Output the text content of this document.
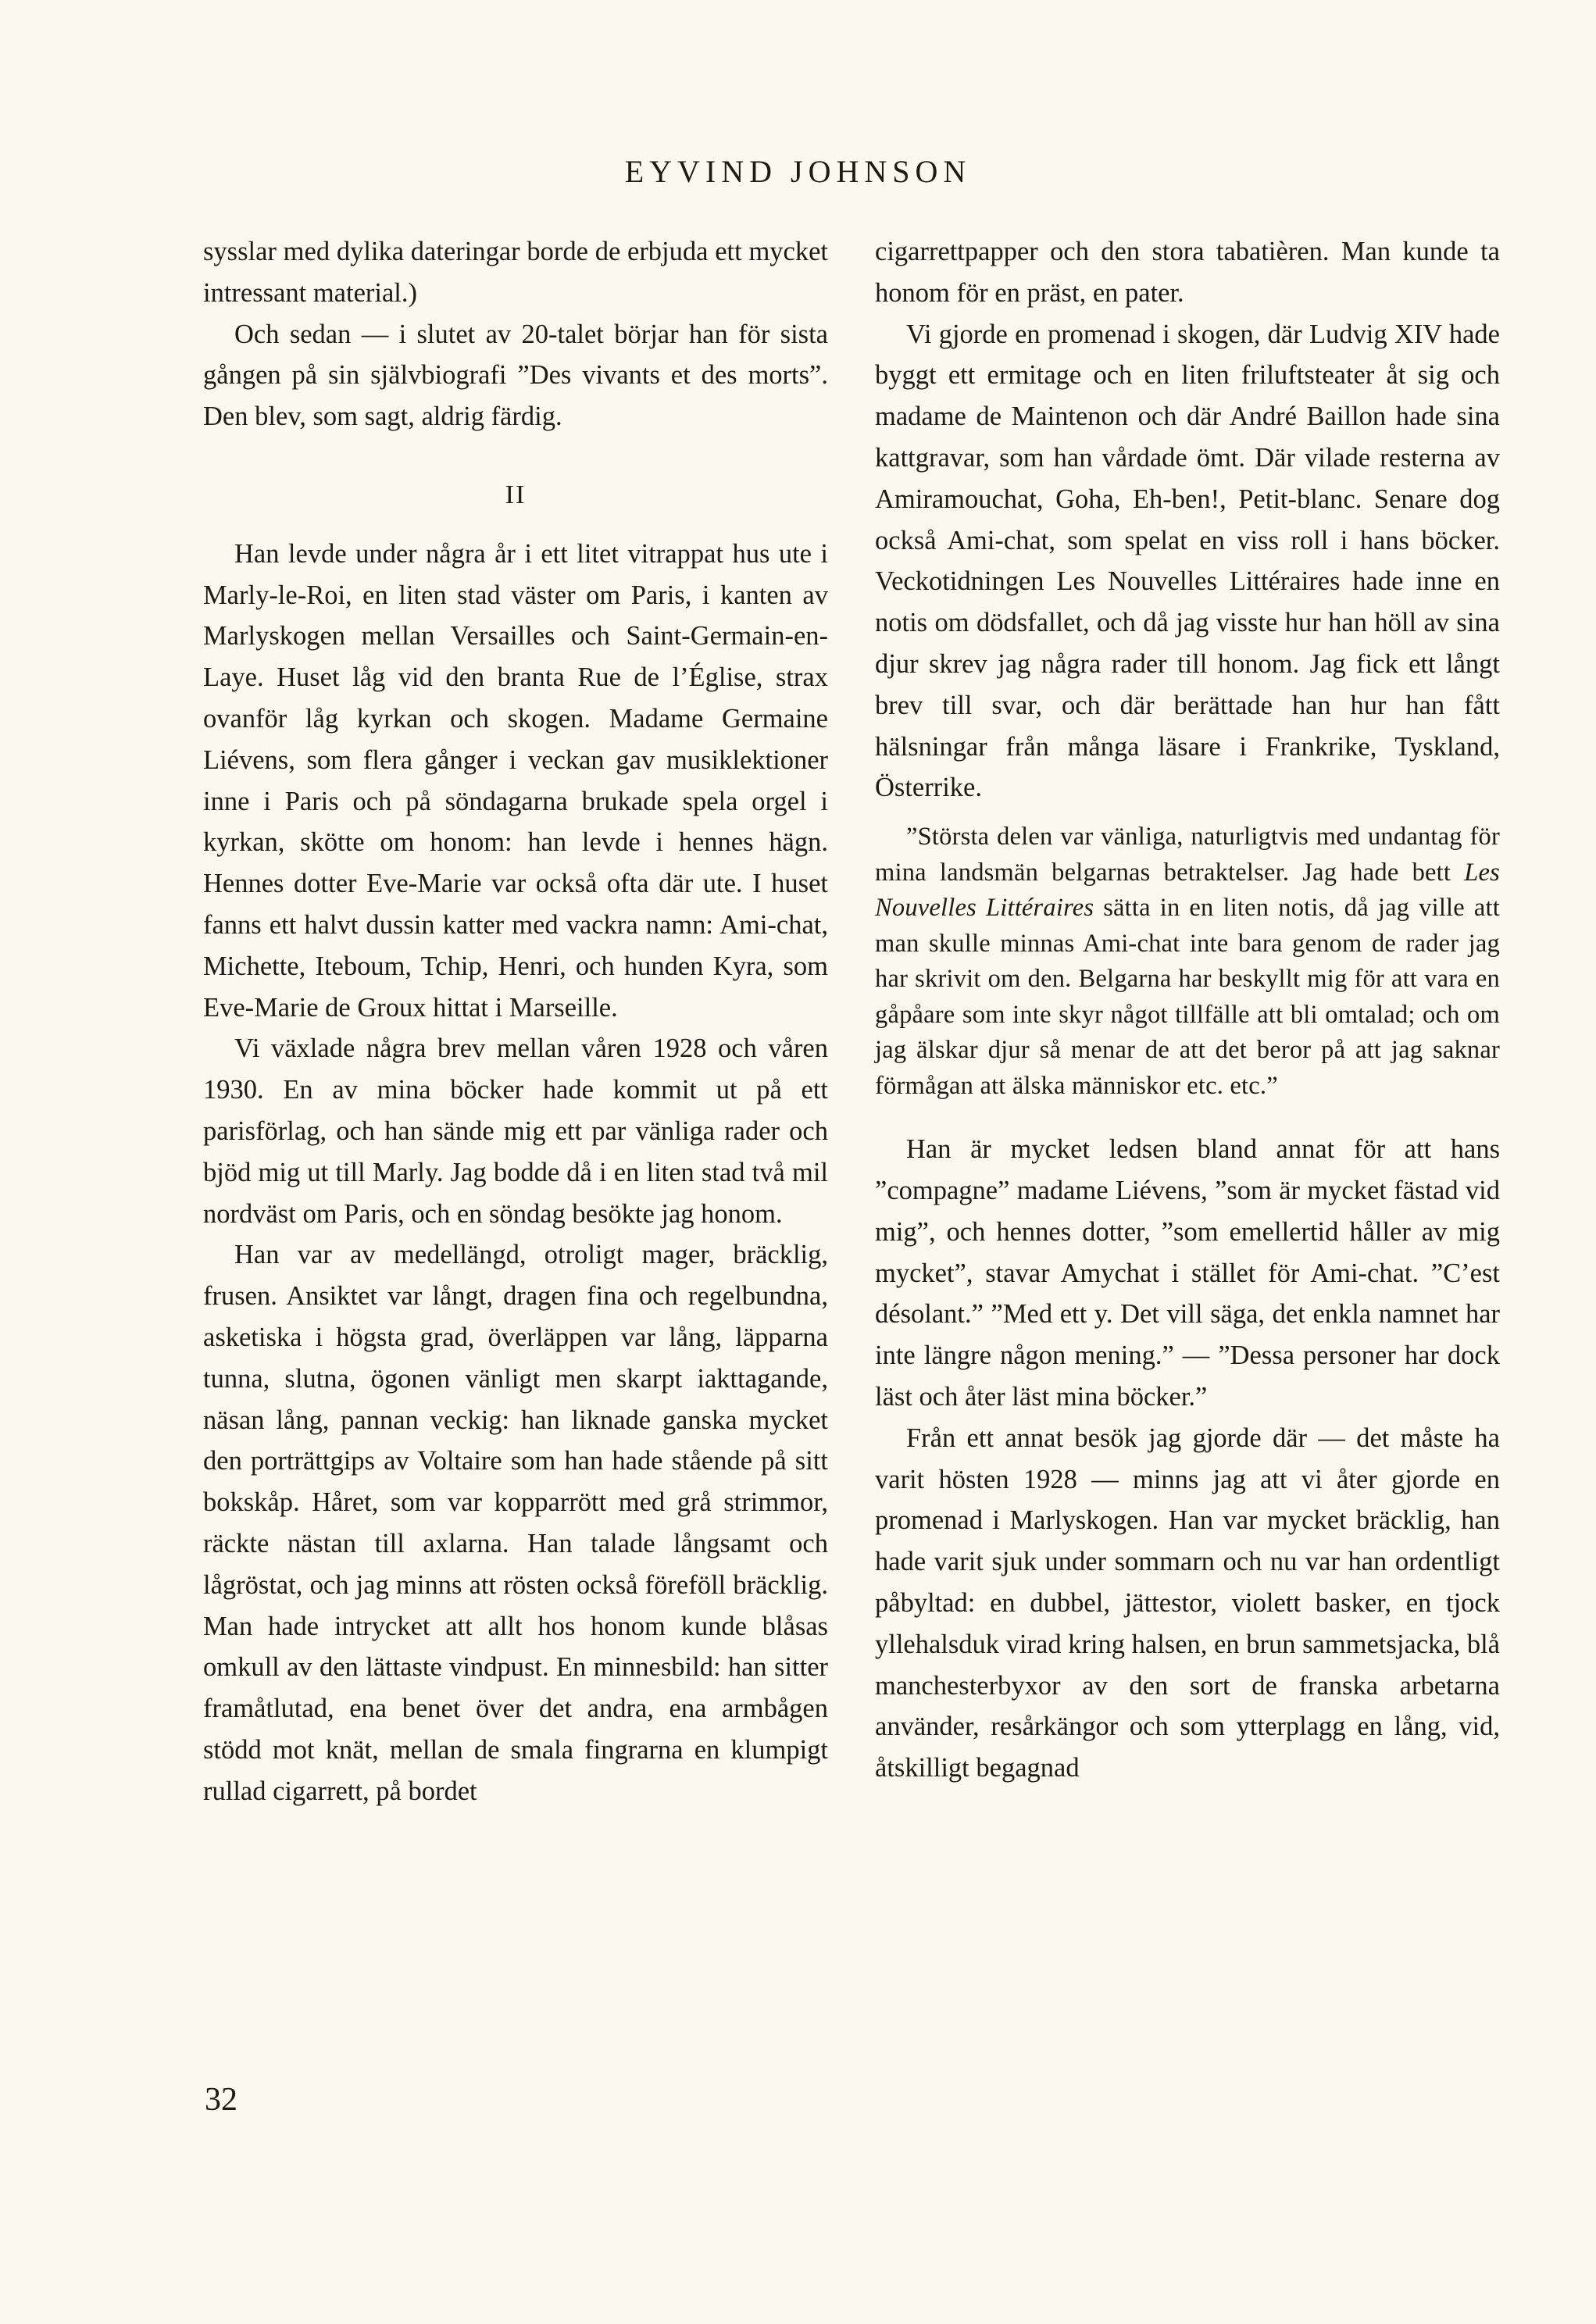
EYVIND JOHNSON

sysslar med dylika dateringar borde de erbjuda ett mycket intressant material.)

Och sedan — i slutet av 20-talet börjar han för sista gången på sin självbiografi ”Des vivants et des morts”. Den blev, som sagt, aldrig färdig.

II

Han levde under några år i ett litet vitrappat hus ute i Marly-le-Roi, en liten stad väster om Paris, i kanten av Marlyskogen mellan Versailles och Saint-Germain-en-Laye. Huset låg vid den branta Rue de l’Église, strax ovanför låg kyrkan och skogen. Madame Germaine Liévens, som flera gånger i veckan gav musiklektioner inne i Paris och på söndagarna brukade spela orgel i kyrkan, skötte om honom: han levde i hennes hägn. Hennes dotter Eve-Marie var också ofta där ute. I huset fanns ett halvt dussin katter med vackra namn: Ami-chat, Michette, Iteboum, Tchip, Henri, och hunden Kyra, som Eve-Marie de Groux hittat i Marseille.

Vi växlade några brev mellan våren 1928 och våren 1930. En av mina böcker hade kommit ut på ett parisförlag, och han sände mig ett par vänliga rader och bjöd mig ut till Marly. Jag bodde då i en liten stad två mil nordväst om Paris, och en söndag besökte jag honom.

Han var av medellängd, otroligt mager, bräcklig, frusen. Ansiktet var långt, dragen fina och regelbundna, asketiska i högsta grad, överläppen var lång, läpparna tunna, slutna, ögonen vänligt men skarpt iakttagande, näsan lång, pannan veckig: han liknade ganska mycket den porträttgips av Voltaire som han hade stående på sitt bokskåp. Håret, som var kopparrött med grå strimmor, räckte nästan till axlarna. Han talade långsamt och lågröstat, och jag minns att rösten också föreföll bräcklig. Man hade intrycket att allt hos honom kunde blåsas omkull av den lättaste vindpust. En minnesbild: han sitter framåtlutad, ena benet över det andra, ena armbågen stödd mot knät, mellan de smala fingrarna en klumpigt rullad cigarrett, på bordet

cigarrettpapper och den stora tabatièren. Man kunde ta honom för en präst, en pater.

Vi gjorde en promenad i skogen, där Ludvig XIV hade byggt ett ermitage och en liten friluftsteater åt sig och madame de Maintenon och där André Baillon hade sina kattgravar, som han vårdade ömt. Där vilade resterna av Amiramouchat, Goha, Eh-ben!, Petit-blanc. Senare dog också Ami-chat, som spelat en viss roll i hans böcker. Veckotidningen Les Nouvelles Littéraires hade inne en notis om dödsfallet, och då jag visste hur han höll av sina djur skrev jag några rader till honom. Jag fick ett långt brev till svar, och där berättade han hur han fått hälsningar från många läsare i Frankrike, Tyskland, Österrike.

”Största delen var vänliga, naturligtvis med undantag för mina landsmän belgarnas betraktelser. Jag hade bett Les Nouvelles Littéraires sätta in en liten notis, då jag ville att man skulle minnas Ami-chat inte bara genom de rader jag har skrivit om den. Belgarna har beskyllt mig för att vara en gåpåare som inte skyr något tillfälle att bli omtalad; och om jag älskar djur så menar de att det beror på att jag saknar förmågan att älska människor etc. etc.”

Han är mycket ledsen bland annat för att hans ”compagne” madame Liévens, ”som är mycket fästad vid mig”, och hennes dotter, ”som emellertid håller av mig mycket”, stavar Amychat i stället för Ami-chat. ”C’est désolant.” ”Med ett y. Det vill säga, det enkla namnet har inte längre någon mening.” — ”Dessa personer har dock läst och åter läst mina böcker.”

Från ett annat besök jag gjorde där — det måste ha varit hösten 1928 — minns jag att vi åter gjorde en promenad i Marlyskogen. Han var mycket bräcklig, han hade varit sjuk under sommarn och nu var han ordentligt påbyltad: en dubbel, jättestor, violett basker, en tjock yllehalsduk virad kring halsen, en brun sammetsjacka, blå manchesterbyxor av den sort de franska arbetarna använder, resårkängor och som ytterplagg en lång, vid, åtskilligt begagnad

32
